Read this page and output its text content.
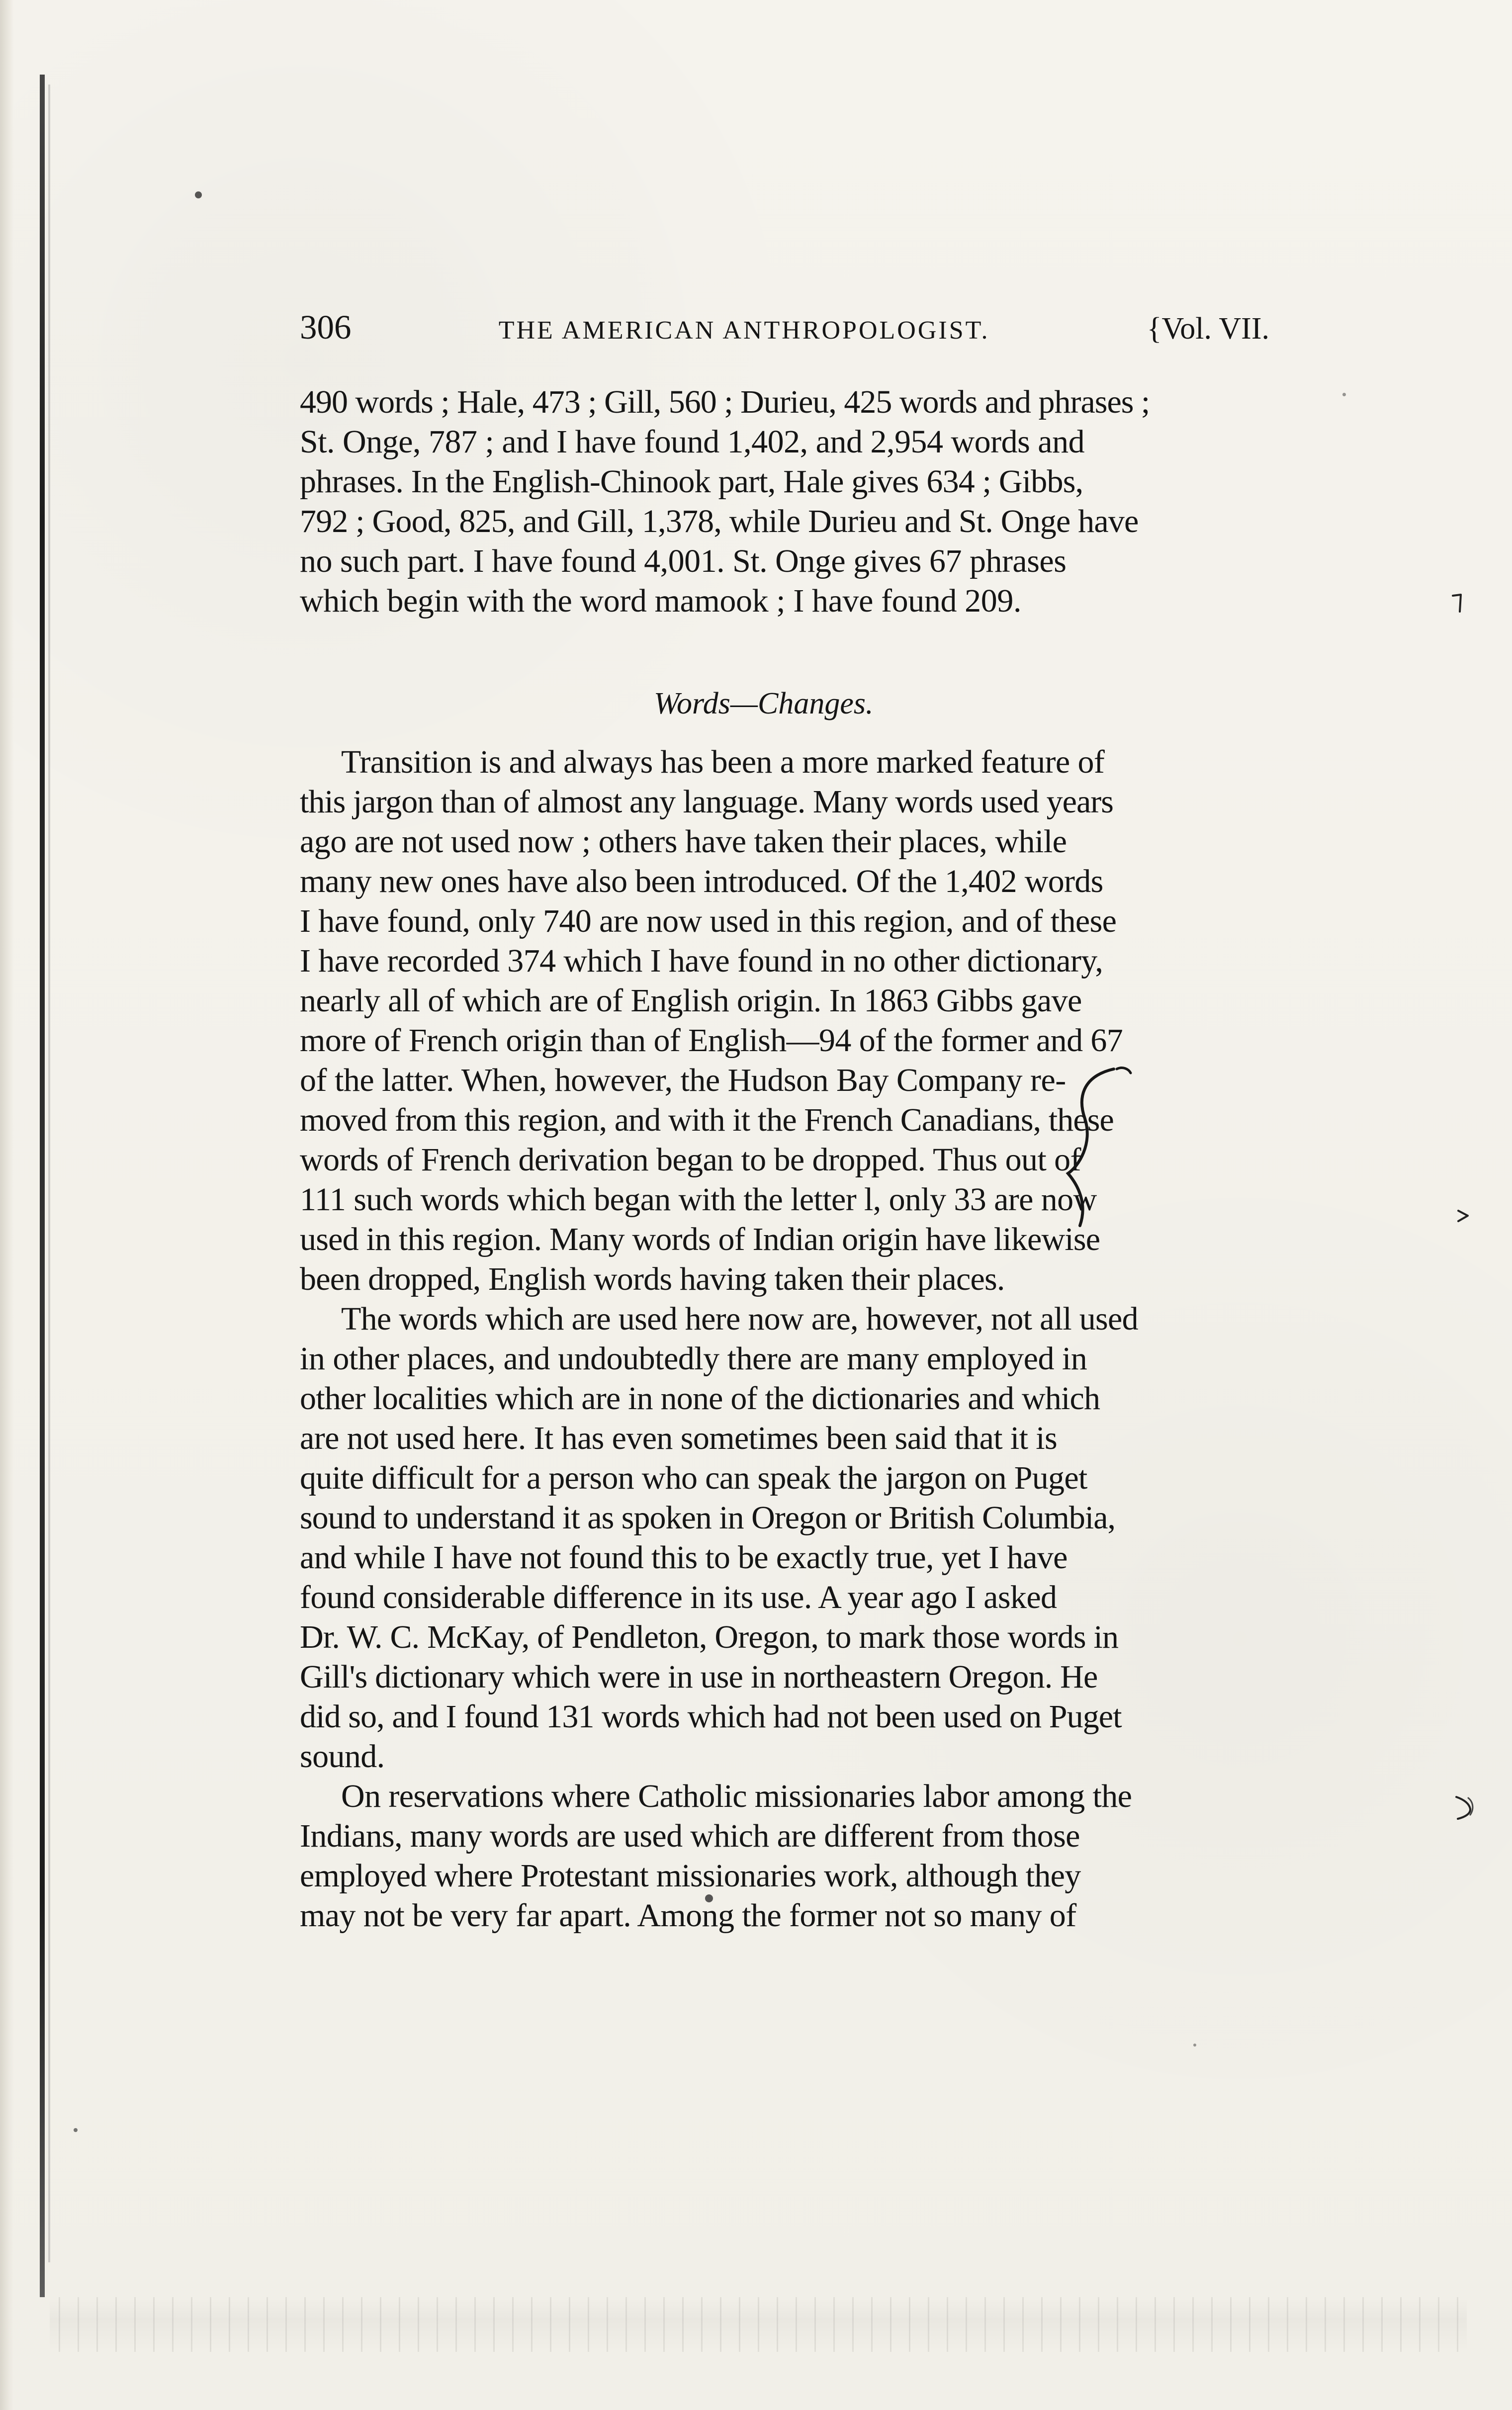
306	THE AMERICAN ANTHROPOLOGIST.	{Vol. VII.

490 words ; Hale, 473 ; Gill, 560 ; Durieu, 425 words and phrases ;

St. Onge, 787 ; and I have found 1,402, and 2,954 words and

phrases. In the English-Chinook part, Hale gives 634 ; Gibbs,

792 ; Good, 825, and Gill, 1,378, while Durieu and St. Onge have

no such part. I have found 4,001. St. Onge gives 67 phrases

which begin with the word mamook ; I have found 209.

Words—Changes.

Transition is and always has been a more marked feature of

this jargon than of almost any language. Many words used years

ago are not used now ; others have taken their places, while

many new ones have also been introduced. Of the 1,402 words

I have found, only 740 are now used in this region, and of these

I have recorded 374 which I have found in no other dictionary,

nearly all of which are of English origin. In 1863 Gibbs gave

more of French origin than of English—94 of the former and 67

of the latter. When, however, the Hudson Bay Company re-

moved from this region, and with it the French Canadians, these

words of French derivation began to be dropped. Thus out of

111 such words which began with the letter l, only 33 are now

used in this region. Many words of Indian origin have likewise

been dropped, English words having taken their places.

The words which are used here now are, however, not all used

in other places, and undoubtedly there are many employed in

other localities which are in none of the dictionaries and which

are not used here. It has even sometimes been said that it is

quite difficult for a person who can speak the jargon on Puget

sound to understand it as spoken in Oregon or British Columbia,

and while I have not found this to be exactly true, yet I have

found considerable difference in its use. A year ago I asked

Dr. W. C. McKay, of Pendleton, Oregon, to mark those words in

Gill's dictionary which were in use in northeastern Oregon. He

did so, and I found 131 words which had not been used on Puget

sound.

On reservations where Catholic missionaries labor among the

Indians, many words are used which are different from those

employed where Protestant missionaries work, although they

may not be very far apart. Among the former not so many of
